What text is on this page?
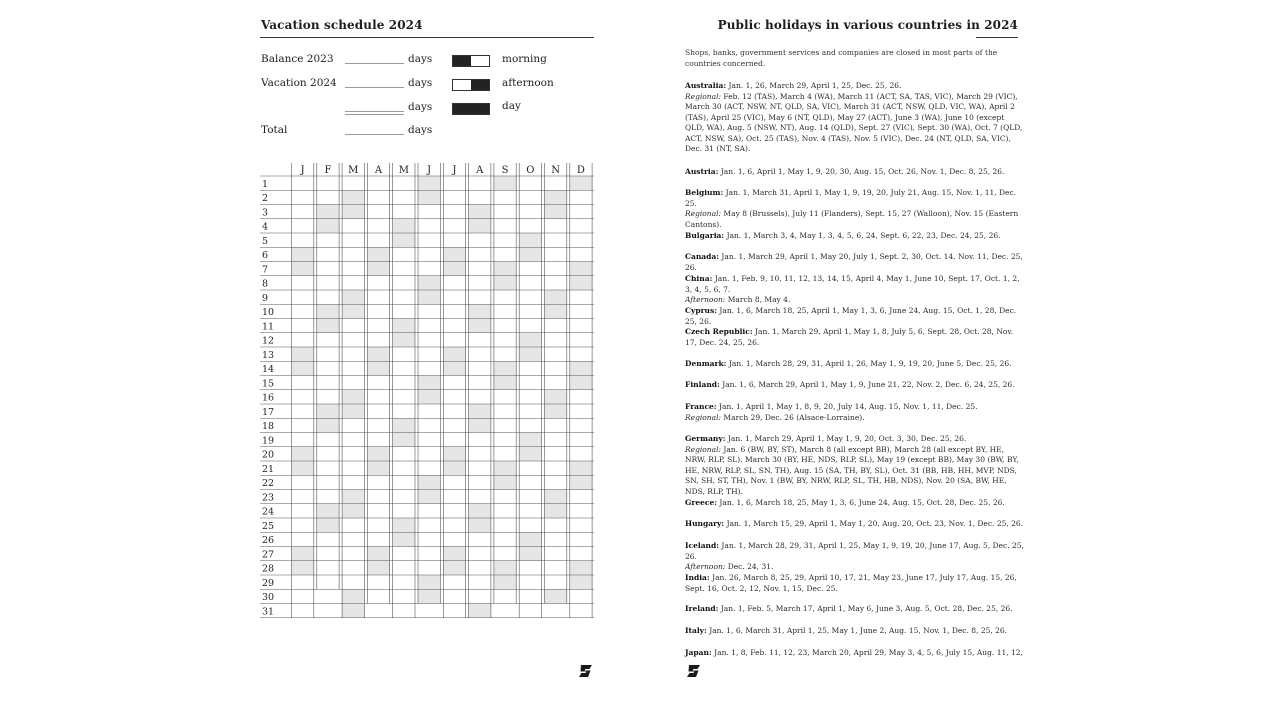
Vacation schedule 2024
Balance 2023	days
Vacation 2024	days
days
Total	days
morning
afternoon
day
J F M A M J J A S O N D
1
2
3
4
5
6
7
8
9
10
11
12
13
14
15
16
17
18
19
20
21
22
23
24
25
26
27
28
29
30
31
Public holidays in various countries in 2024

Shops, banks, government services and companies are closed in most parts of the countries concerned.

Australia: Jan. 1, 26, March 29, April 1, 25, Dec. 25, 26.
Regional: Feb. 12 (TAS), March 4 (WA), March 11 (ACT, SA, TAS, VIC), March 29 (VIC), March 30 (ACT, NSW, NT, QLD, SA, VIC), March 31 (ACT, NSW, QLD, VIC, WA), April 2 (TAS), April 25 (VIC), May 6 (NT, QLD), May 27 (ACT), June 3 (WA), June 10 (except QLD, WA), Aug. 5 (NSW, NT), Aug. 14 (QLD), Sept. 27 (VIC), Sept. 30 (WA), Oct. 7 (QLD, ACT, NSW, SA), Oct. 25 (TAS), Nov. 4 (TAS), Nov. 5 (VIC), Dec. 24 (NT, QLD, SA, VIC), Dec. 31 (NT, SA).

Austria: Jan. 1, 6, April 1, May 1, 9, 20, 30, Aug. 15, Oct. 26, Nov. 1, Dec. 8, 25, 26.

Belgium: Jan. 1, March 31, April 1, May 1, 9, 19, 20, July 21, Aug. 15, Nov. 1, 11, Dec. 25.
Regional: May 8 (Brussels), July 11 (Flanders), Sept. 15, 27 (Walloon), Nov. 15 (Eastern Cantons).

Bulgaria: Jan. 1, March 3, 4, May 1, 3, 4, 5, 6, 24, Sept. 6, 22, 23, Dec. 24, 25, 26.

Canada: Jan. 1, March 29, April 1, May 20, July 1, Sept. 2, 30, Oct. 14, Nov. 11, Dec. 25, 26.

China: Jan. 1, Feb. 9, 10, 11, 12, 13, 14, 15, April 4, May 1, June 10, Sept. 17, Oct. 1, 2, 3, 4, 5, 6, 7.
Afternoon: March 8, May 4.

Cyprus: Jan. 1, 6, March 18, 25, April 1, May 1, 3, 6, June 24, Aug. 15, Oct. 1, 28, Dec. 25, 26.

Czech Republic: Jan. 1, March 29, April 1, May 1, 8, July 5, 6, Sept. 28, Oct. 28, Nov. 17, Dec. 24, 25, 26.

Denmark: Jan. 1, March 28, 29, 31, April 1, 26, May 1, 9, 19, 20, June 5, Dec. 25, 26.

Finland: Jan. 1, 6, March 29, April 1, May 1, 9, June 21, 22, Nov. 2, Dec. 6, 24, 25, 26.

France: Jan. 1, April 1, May 1, 8, 9, 20, July 14, Aug. 15, Nov. 1, 11, Dec. 25.
Regional: March 29, Dec. 26 (Alsace-Lorraine).

Germany: Jan. 1, March 29, April 1, May 1, 9, 20, Oct. 3, 30, Dec. 25, 26.
Regional: Jan. 6 (BW, BY, ST), March 8 (all except BB), March 28 (all except BY, HE, NRW, RLP, SL), March 30 (BY, HE, NDS, RLP, SL), May 19 (except BB), May 30 (BW, BY, HE, NRW, RLP, SL, SN, TH), Aug. 15 (SA, TH, BY, SL), Oct. 31 (BB, HB, HH, MVP, NDS, SN, SH, ST, TH), Nov. 1 (BW, BY, NRW, RLP, SL, TH, HB, NDS), Nov. 20 (SA, BW, HE, NDS, RLP, TH).

Greece: Jan. 1, 6, March 18, 25, May 1, 3, 6, June 24, Aug. 15, Oct. 28, Dec. 25, 26.

Hungary: Jan. 1, March 15, 29, April 1, May 1, 20, Aug. 20, Oct. 23, Nov. 1, Dec. 25, 26.

Iceland: Jan. 1, March 28, 29, 31, April 1, 25, May 1, 9, 19, 20, June 17, Aug. 5, Dec. 25, 26.
Afternoon: Dec. 24, 31.

India: Jan. 26, March 8, 25, 29, April 10, 17, 21, May 23, June 17, July 17, Aug. 15, 26, Sept. 16, Oct. 2, 12, Nov. 1, 15, Dec. 25.

Ireland: Jan. 1, Feb. 5, March 17, April 1, May 6, June 3, Aug. 5, Oct. 28, Dec. 25, 26.

Italy: Jan. 1, 6, March 31, April 1, 25, May 1, June 2, Aug. 15, Nov. 1, Dec. 8, 25, 26.

Japan: Jan. 1, 8, Feb. 11, 12, 23, March 20, April 29, May 3, 4, 5, 6, July 15, Aug. 11, 12,
